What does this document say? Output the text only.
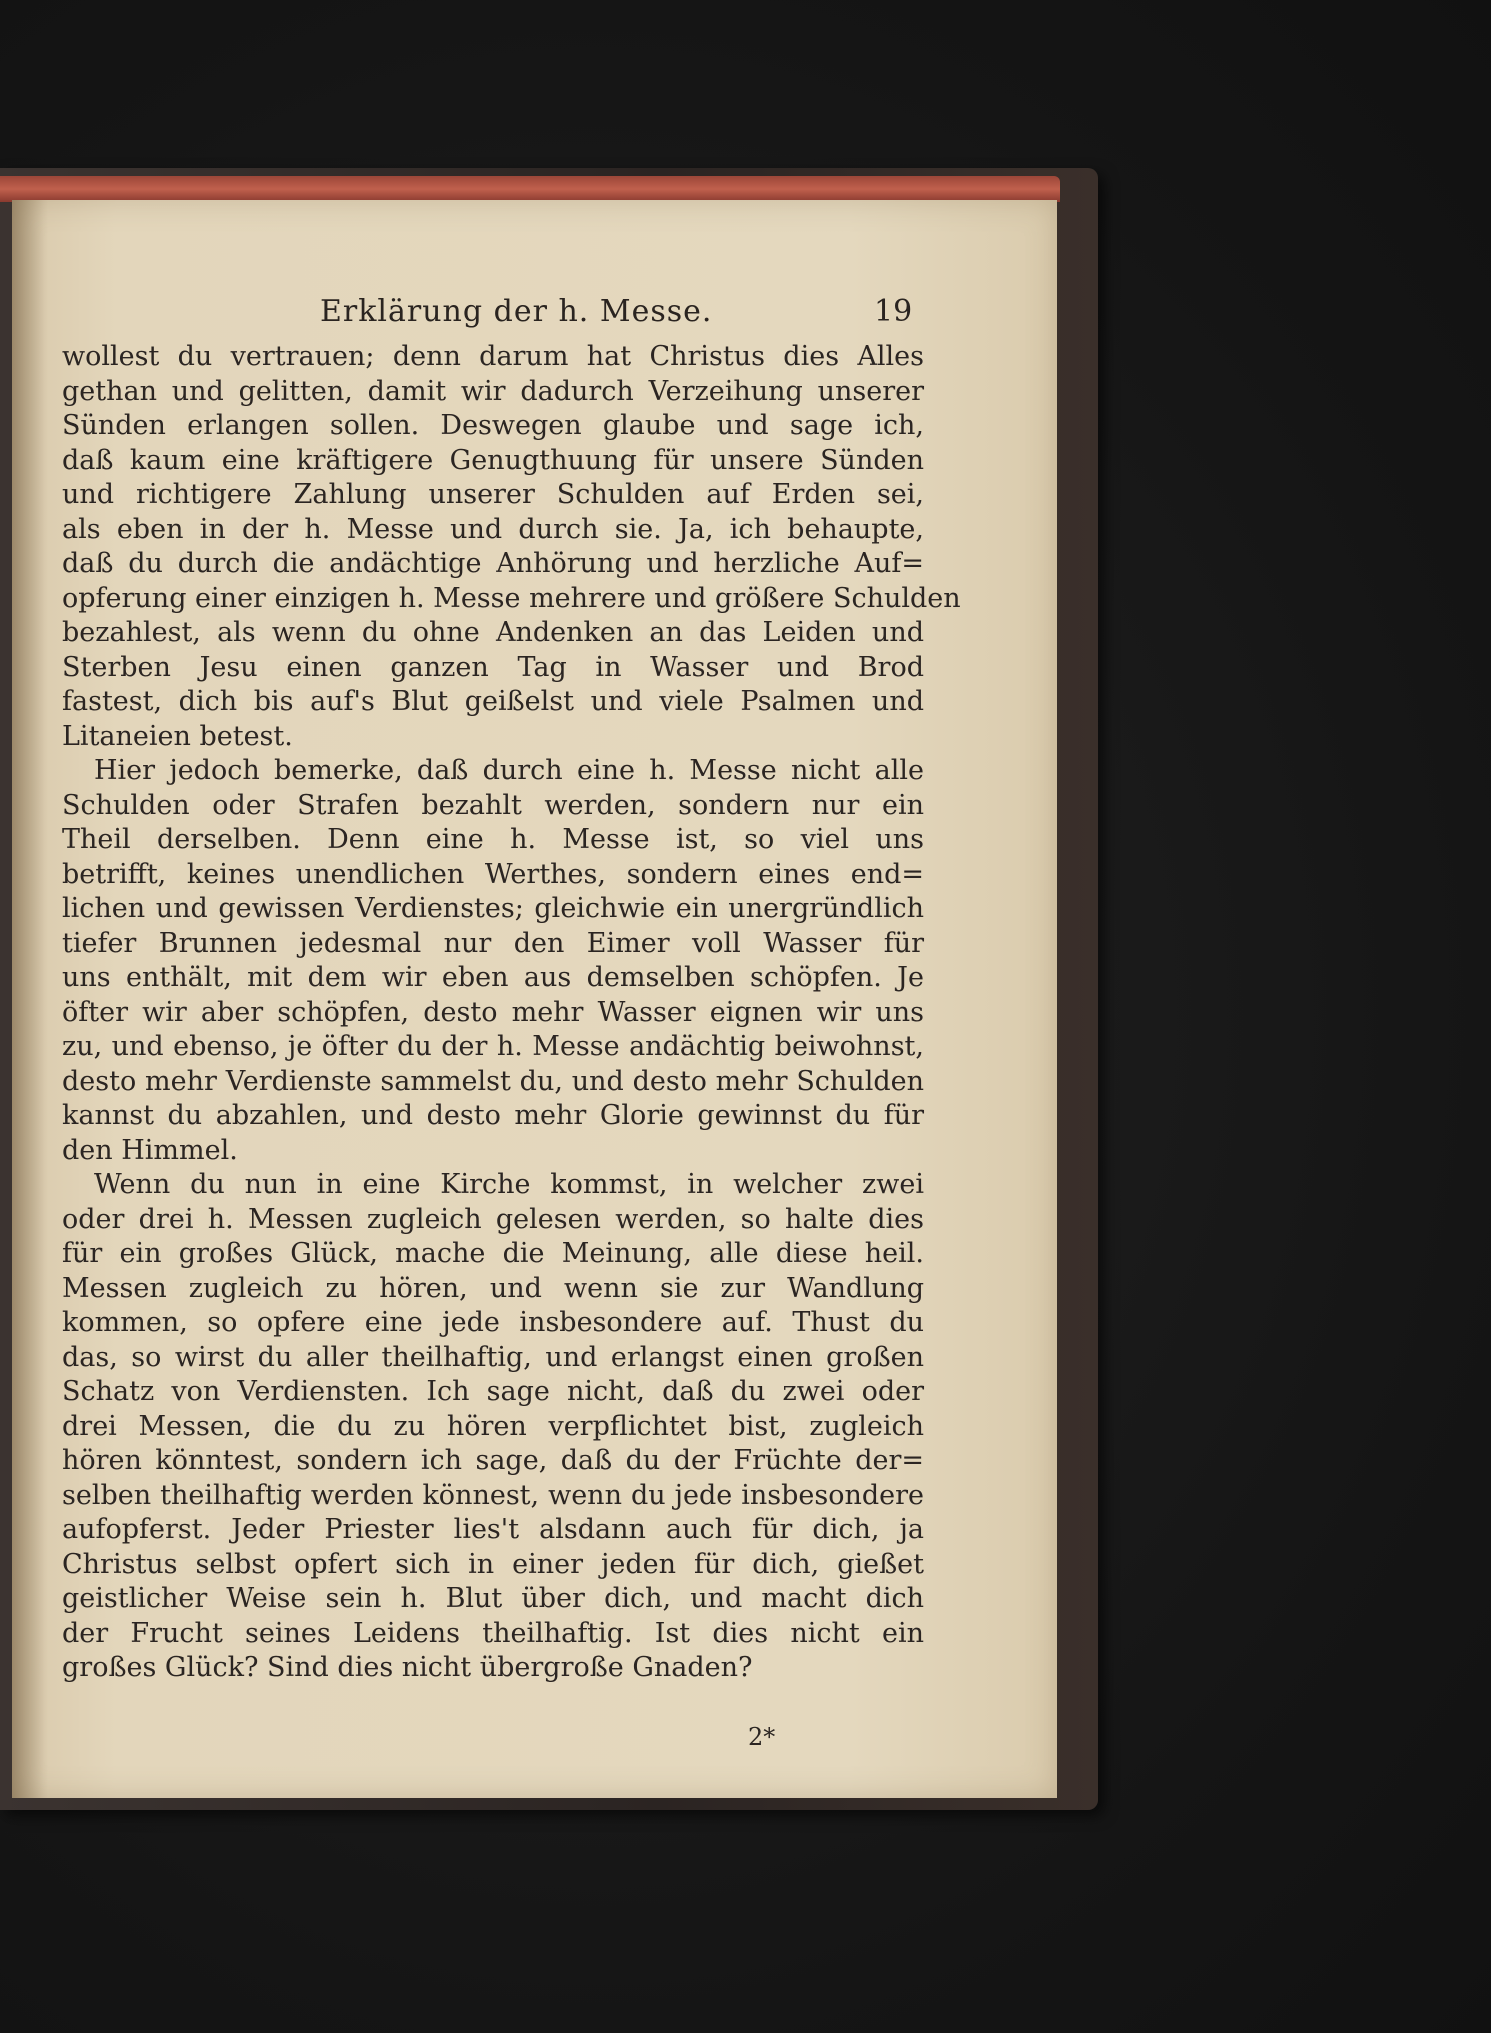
Erklärung der h. Messe.	19
wollest du vertrauen; denn darum hat Christus dies Alles
gethan und gelitten, damit wir dadurch Verzeihung unserer
Sünden erlangen sollen. Deswegen glaube und sage ich,
daß kaum eine kräftigere Genugthuung für unsere Sünden
und richtigere Zahlung unserer Schulden auf Erden sei,
als eben in der h. Messe und durch sie. Ja, ich behaupte,
daß du durch die andächtige Anhörung und herzliche Auf=
opferung einer einzigen h. Messe mehrere und größere Schulden
bezahlest, als wenn du ohne Andenken an das Leiden und
Sterben Jesu einen ganzen Tag in Wasser und Brod
fastest, dich bis auf's Blut geißelst und viele Psalmen und
Litaneien betest.
Hier jedoch bemerke, daß durch eine h. Messe nicht alle
Schulden oder Strafen bezahlt werden, sondern nur ein
Theil derselben. Denn eine h. Messe ist, so viel uns
betrifft, keines unendlichen Werthes, sondern eines end=
lichen und gewissen Verdienstes; gleichwie ein unergründlich
tiefer Brunnen jedesmal nur den Eimer voll Wasser für
uns enthält, mit dem wir eben aus demselben schöpfen. Je
öfter wir aber schöpfen, desto mehr Wasser eignen wir uns
zu, und ebenso, je öfter du der h. Messe andächtig beiwohnst,
desto mehr Verdienste sammelst du, und desto mehr Schulden
kannst du abzahlen, und desto mehr Glorie gewinnst du für
den Himmel.
Wenn du nun in eine Kirche kommst, in welcher zwei
oder drei h. Messen zugleich gelesen werden, so halte dies
für ein großes Glück, mache die Meinung, alle diese heil.
Messen zugleich zu hören, und wenn sie zur Wandlung
kommen, so opfere eine jede insbesondere auf. Thust du
das, so wirst du aller theilhaftig, und erlangst einen großen
Schatz von Verdiensten. Ich sage nicht, daß du zwei oder
drei Messen, die du zu hören verpflichtet bist, zugleich
hören könntest, sondern ich sage, daß du der Früchte der=
selben theilhaftig werden könnest, wenn du jede insbesondere
aufopferst. Jeder Priester lies't alsdann auch für dich, ja
Christus selbst opfert sich in einer jeden für dich, gießet
geistlicher Weise sein h. Blut über dich, und macht dich
der Frucht seines Leidens theilhaftig. Ist dies nicht ein
großes Glück? Sind dies nicht übergroße Gnaden?
2*
